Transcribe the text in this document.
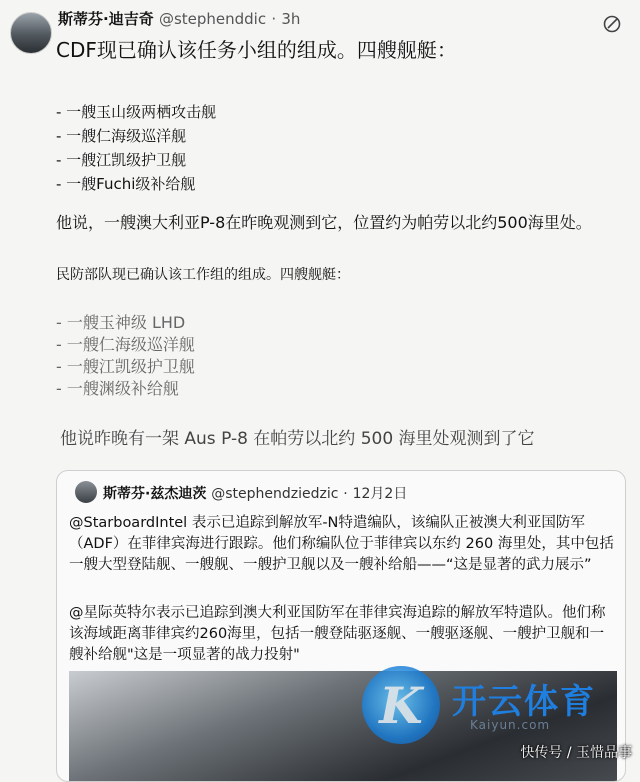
斯蒂芬·迪吉奇 @stephenddic · 3h
CDF现已确认该任务小组的组成。四艘舰艇：
- 一艘玉山级两栖攻击舰
- 一艘仁海级巡洋舰
- 一艘江凯级护卫舰
- 一艘Fuchi级补给舰
他说，一艘澳大利亚P-8在昨晚观测到它，位置约为帕劳以北约500海里处。
民防部队现已确认该工作组的组成。四艘舰艇：
- 一艘玉神级 LHD
- 一艘仁海级巡洋舰
- 一艘江凯级护卫舰
- 一艘渊级补给舰
他说昨晚有一架 Aus P-8 在帕劳以北约 500 海里处观测到了它
斯蒂芬·兹杰迪茨 @stephendziedzic · 12月2日

@StarboardIntel 表示已追踪到解放军-N特遣编队，该编队正被澳大利亚国防军（ADF）在菲律宾海进行跟踪。他们称编队位于菲律宾以东约 260 海里处，其中包括一艘大型登陆舰、一艘舰、一艘护卫舰以及一艘补给船——“这是显著的武力展示”

@星际英特尔表示已追踪到澳大利亚国防军在菲律宾海追踪的解放军特遣队。他们称该海域距离菲律宾约260海里，包括一艘登陆驱逐舰、一艘驱逐舰、一艘护卫舰和一艘补给舰"这是一项显著的战力投射"

K 开云体育
Kaiyun.com
快传号 / 玉惜品事
